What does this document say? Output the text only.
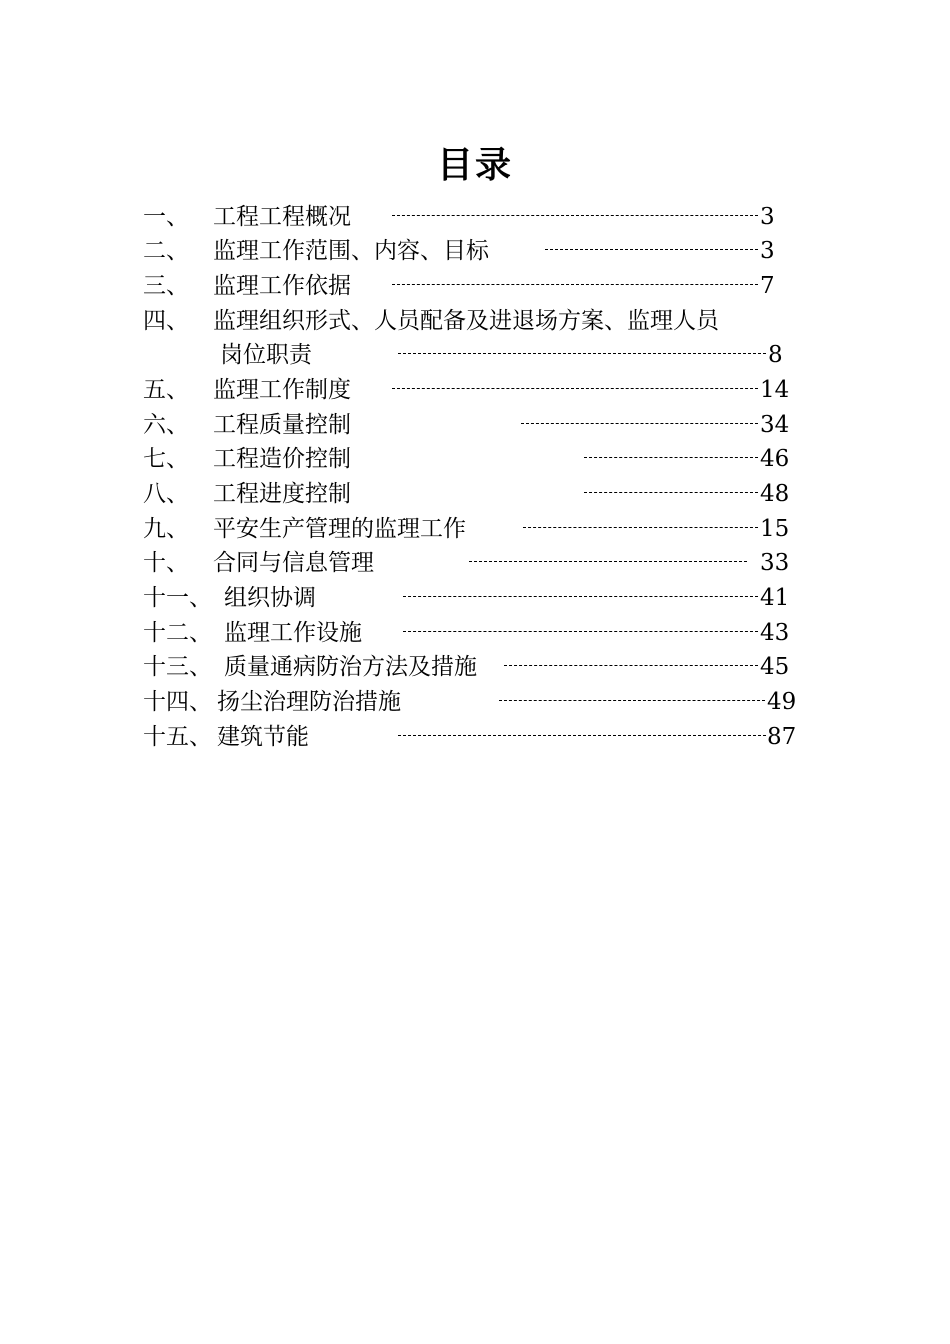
目录
一、 工程工程概况	3
二、 监理工作范围、内容、目标	3
三、 监理工作依据	7
四、 监理组织形式、人员配备及进退场方案、监理人员
岗位职责	8
五、 监理工作制度	14
六、 工程质量控制	34
七、 工程造价控制	46
八、 工程进度控制	48
九、 平安生产管理的监理工作	15
十、 合同与信息管理	33
十一、 组织协调	41
十二、 监理工作设施	43
十三、 质量通病防治方法及措施	45
十四、 扬尘治理防治措施	49
十五、 建筑节能	87
